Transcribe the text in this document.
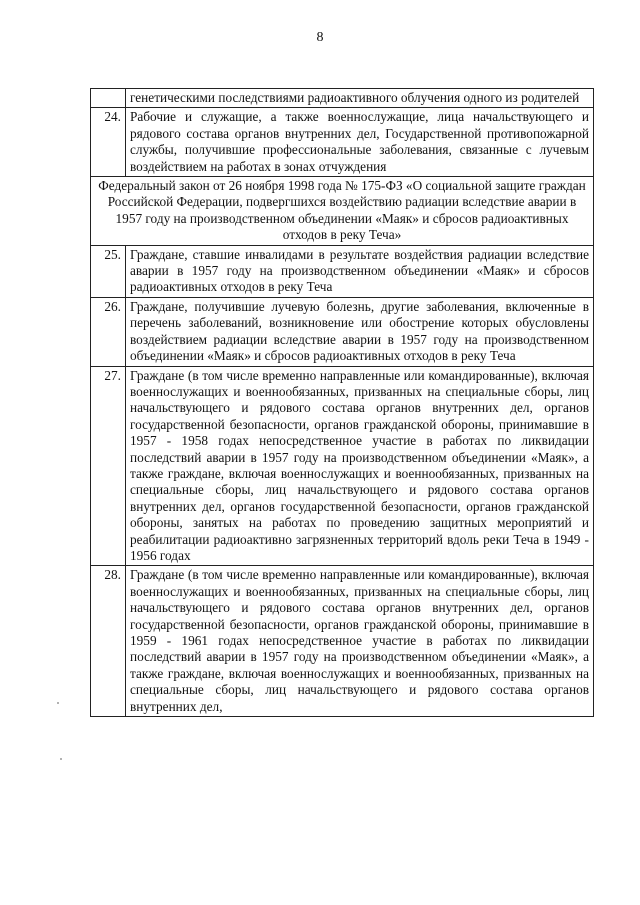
8
	генетическими последствиями радиоактивного облучения одного из родителей
24.	Рабочие и служащие, а также военнослужащие, лица начальствующего и рядового состава органов внутренних дел, Государственной противопожарной службы, получившие профессиональные заболевания, связанные с лучевым воздействием на работах в зонах отчуждения
Федеральный закон от 26 ноября 1998 года № 175-ФЗ «О социальной защите граждан Российской Федерации, подвергшихся воздействию радиации вследствие аварии в 1957 году на производственном объединении «Маяк» и сбросов радиоактивных отходов в реку Теча»	
25.	Граждане, ставшие инвалидами в результате воздействия радиации вследствие аварии в 1957 году на производственном объединении «Маяк» и сбросов радиоактивных отходов в реку Теча
26.	Граждане, получившие лучевую болезнь, другие заболевания, включенные в перечень заболеваний, возникновение или обострение которых обусловлены воздействием радиации вследствие аварии в 1957 году на производственном объединении «Маяк» и сбросов радиоактивных отходов в реку Теча
27.	Граждане (в том числе временно направленные или командированные), включая военнослужащих и военнообязанных, призванных на специальные сборы, лиц начальствующего и рядового состава органов внутренних дел, органов государственной безопасности, органов гражданской обороны, принимавшие в 1957 - 1958 годах непосредственное участие в работах по ликвидации последствий аварии в 1957 году на производственном объединении «Маяк», а также граждане, включая военнослужащих и военнообязанных, призванных на специальные сборы, лиц начальствующего и рядового состава органов внутренних дел, органов государственной безопасности, органов гражданской обороны, занятых на работах по проведению защитных мероприятий и реабилитации радиоактивно загрязненных территорий вдоль реки Теча в 1949 - 1956 годах
28.	Граждане (в том числе временно направленные или командированные), включая военнослужащих и военнообязанных, призванных на специальные сборы, лиц начальствующего и рядового состава органов внутренних дел, органов государственной безопасности, органов гражданской обороны, принимавшие в 1959 - 1961 годах непосредственное участие в работах по ликвидации последствий аварии в 1957 году на производственном объединении «Маяк», а также граждане, включая военнослужащих и военнообязанных, призванных на специальные сборы, лиц начальствующего и рядового состава органов внутренних дел,
